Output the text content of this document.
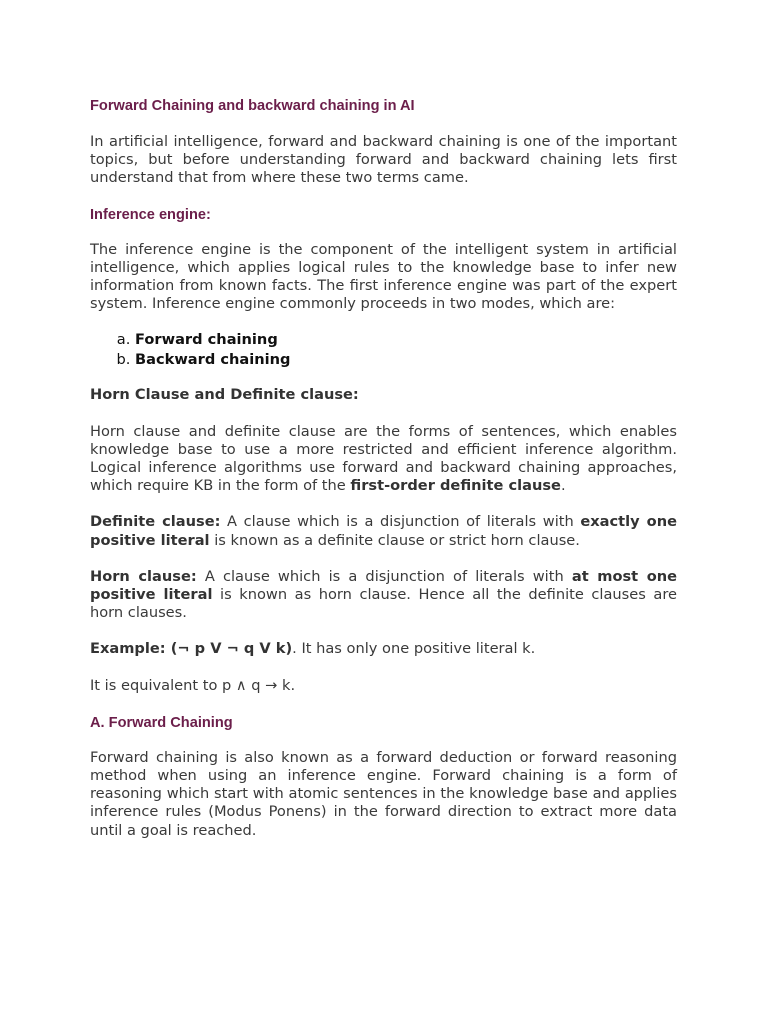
Forward Chaining and backward chaining in AI

In artificial intelligence, forward and backward chaining is one of the important topics, but before understanding forward and backward chaining lets first understand that from where these two terms came.

Inference engine:

The inference engine is the component of the intelligent system in artificial intelligence, which applies logical rules to the knowledge base to infer new information from known facts. The first inference engine was part of the expert system. Inference engine commonly proceeds in two modes, which are:

a. Forward chaining
b. Backward chaining

Horn Clause and Definite clause:

Horn clause and definite clause are the forms of sentences, which enables knowledge base to use a more restricted and efficient inference algorithm. Logical inference algorithms use forward and backward chaining approaches, which require KB in the form of the first-order definite clause.

Definite clause: A clause which is a disjunction of literals with exactly one positive literal is known as a definite clause or strict horn clause.

Horn clause: A clause which is a disjunction of literals with at most one positive literal is known as horn clause. Hence all the definite clauses are horn clauses.

Example: (¬ p V ¬ q V k). It has only one positive literal k.

It is equivalent to p ∧ q → k.

A. Forward Chaining

Forward chaining is also known as a forward deduction or forward reasoning method when using an inference engine. Forward chaining is a form of reasoning which start with atomic sentences in the knowledge base and applies inference rules (Modus Ponens) in the forward direction to extract more data until a goal is reached.
